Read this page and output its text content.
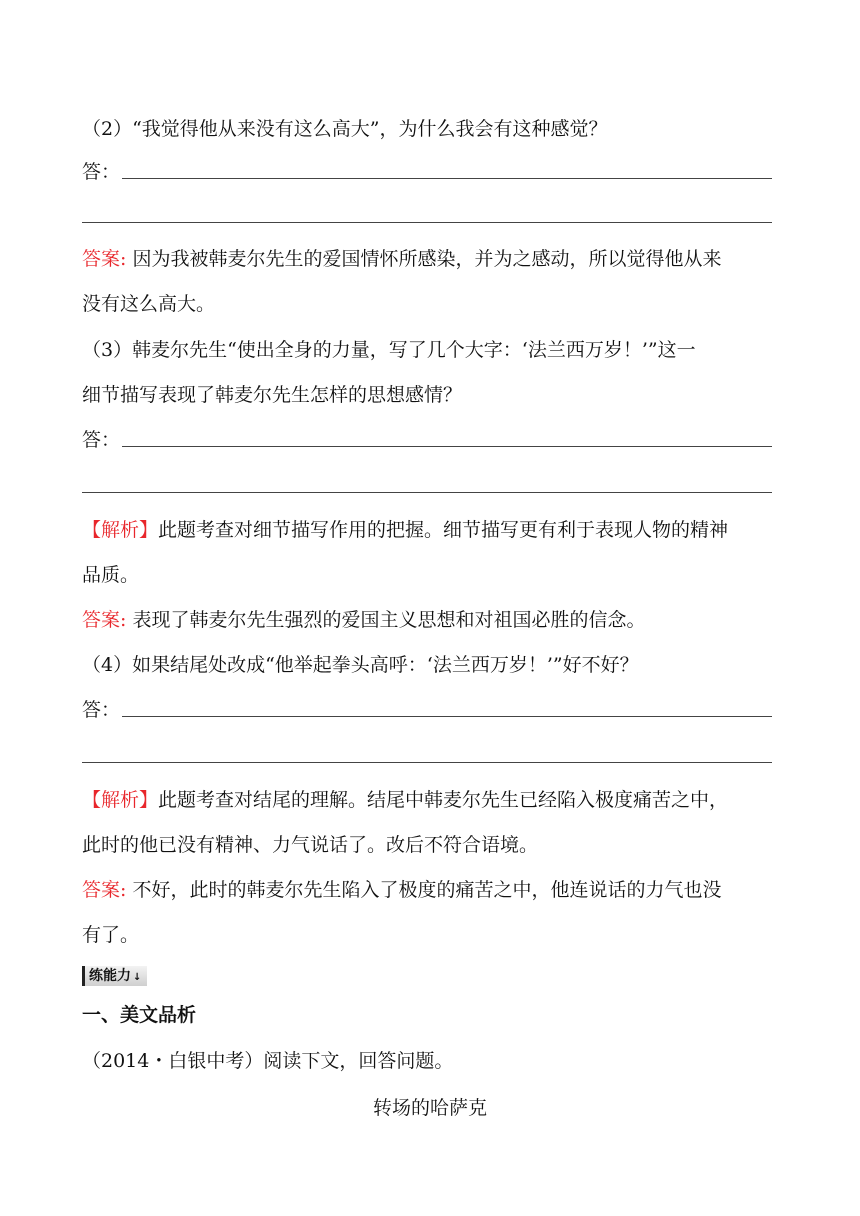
（2）“我觉得他从来没有这么高大”，为什么我会有这种感觉？
答：
答案: 因为我被韩麦尔先生的爱国情怀所感染，并为之感动，所以觉得他从来
没有这么高大。
（3）韩麦尔先生“使出全身的力量，写了几个大字：‘法兰西万岁！’”这一
细节描写表现了韩麦尔先生怎样的思想感情？
答：
【解析】此题考查对细节描写作用的把握。细节描写更有利于表现人物的精神
品质。
答案: 表现了韩麦尔先生强烈的爱国主义思想和对祖国必胜的信念。
（4）如果结尾处改成“他举起拳头高呼：‘法兰西万岁！’”好不好？
答：
【解析】此题考查对结尾的理解。结尾中韩麦尔先生已经陷入极度痛苦之中，
此时的他已没有精神、力气说话了。改后不符合语境。
答案: 不好，此时的韩麦尔先生陷入了极度的痛苦之中，他连说话的力气也没
有了。
练能力 ↓
一、美文品析
（2014・白银中考）阅读下文，回答问题。
转场的哈萨克
